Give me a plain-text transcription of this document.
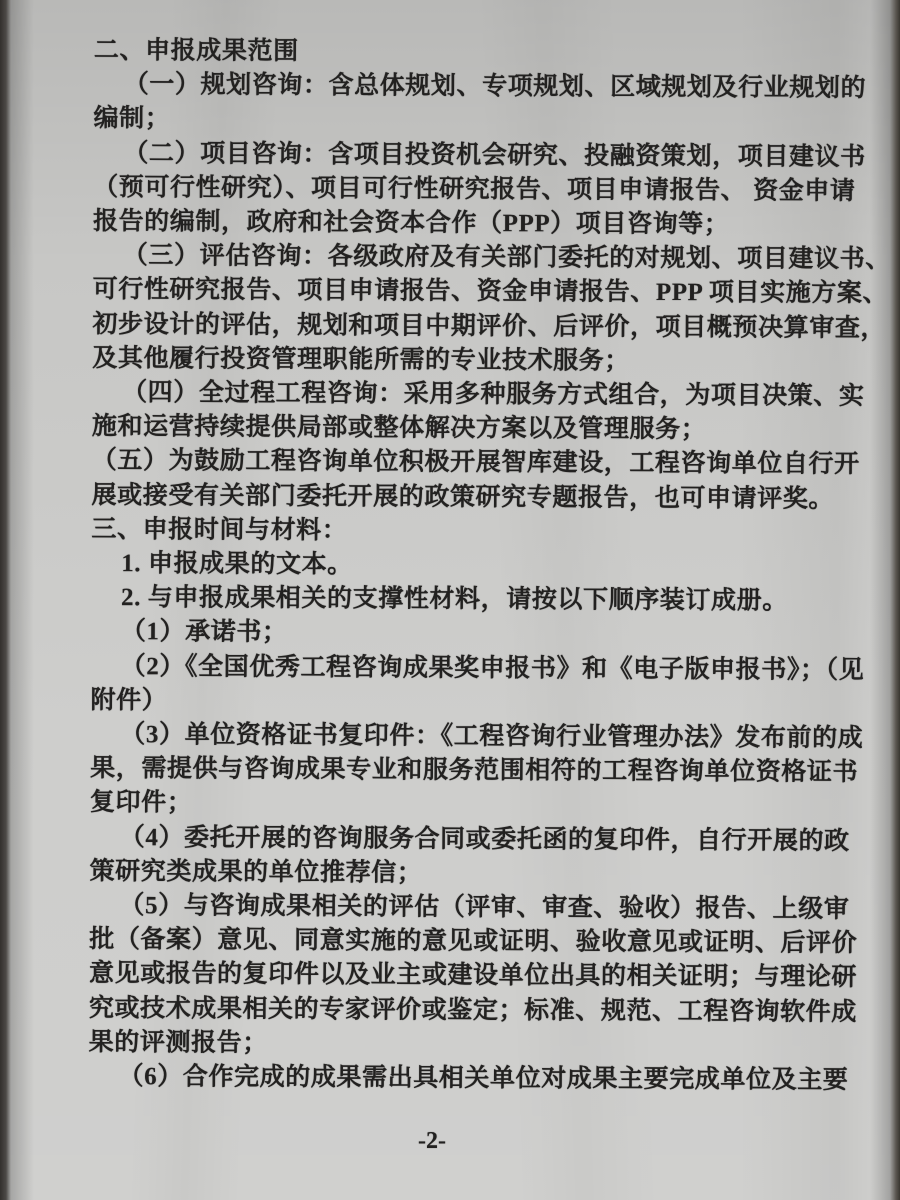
二、申报成果范围
（一）规划咨询：含总体规划、专项规划、区域规划及行业规划的
编制；
（二）项目咨询：含项目投资机会研究、投融资策划，项目建议书
（预可行性研究）、项目可行性研究报告、项目申请报告、 资金申请
报告的编制，政府和社会资本合作（PPP）项目咨询等；
（三）评估咨询：各级政府及有关部门委托的对规划、项目建议书、
可行性研究报告、项目申请报告、资金申请报告、PPP 项目实施方案、
初步设计的评估，规划和项目中期评价、后评价，项目概预决算审查，
及其他履行投资管理职能所需的专业技术服务；
（四）全过程工程咨询：采用多种服务方式组合，为项目决策、实
施和运营持续提供局部或整体解决方案以及管理服务；
（五）为鼓励工程咨询单位积极开展智库建设，工程咨询单位自行开
展或接受有关部门委托开展的政策研究专题报告，也可申请评奖。
三、申报时间与材料：
1. 申报成果的文本。
2. 与申报成果相关的支撑性材料，请按以下顺序装订成册。
（1）承诺书；
（2）《全国优秀工程咨询成果奖申报书》和《电子版申报书》；（见
附件）
（3）单位资格证书复印件：《工程咨询行业管理办法》发布前的成
果，需提供与咨询成果专业和服务范围相符的工程咨询单位资格证书
复印件；
（4）委托开展的咨询服务合同或委托函的复印件，自行开展的政
策研究类成果的单位推荐信；
（5）与咨询成果相关的评估（评审、审查、验收）报告、上级审
批（备案）意见、同意实施的意见或证明、验收意见或证明、后评价
意见或报告的复印件以及业主或建设单位出具的相关证明；与理论研
究或技术成果相关的专家评价或鉴定；标准、规范、工程咨询软件成
果的评测报告；
（6）合作完成的成果需出具相关单位对成果主要完成单位及主要
-2-
